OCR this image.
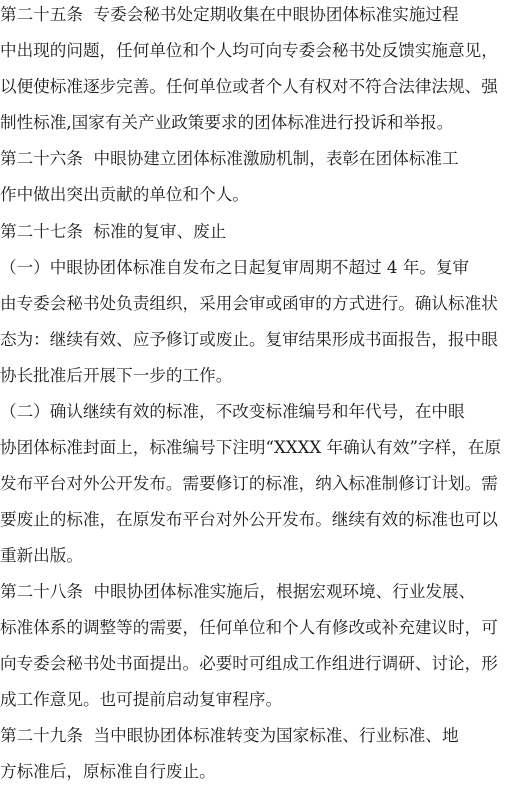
第二十五条  专委会秘书处定期收集在中眼协团体标准实施过程
中出现的问题，任何单位和个人均可向专委会秘书处反馈实施意见，
以便使标准逐步完善。任何单位或者个人有权对不符合法律法规、强
制性标准,国家有关产业政策要求的团体标准进行投诉和举报。
第二十六条  中眼协建立团体标准激励机制，表彰在团体标准工
作中做出突出贡献的单位和个人。
第二十七条  标准的复审、废止
（一）中眼协团体标准自发布之日起复审周期不超过 4 年。复审
由专委会秘书处负责组织，采用会审或函审的方式进行。确认标准状
态为：继续有效、应予修订或废止。复审结果形成书面报告，报中眼
协长批准后开展下一步的工作。
（二）确认继续有效的标准，不改变标准编号和年代号，在中眼
协团体标准封面上，标准编号下注明“XXXX 年确认有效”字样，在原
发布平台对外公开发布。需要修订的标准，纳入标准制修订计划。需
要废止的标准，在原发布平台对外公开发布。继续有效的标准也可以
重新出版。
第二十八条  中眼协团体标准实施后，根据宏观环境、行业发展、
标准体系的调整等的需要，任何单位和个人有修改或补充建议时，可
向专委会秘书处书面提出。必要时可组成工作组进行调研、讨论，形
成工作意见。也可提前启动复审程序。
第二十九条  当中眼协团体标准转变为国家标准、行业标准、地
方标准后，原标准自行废止。
